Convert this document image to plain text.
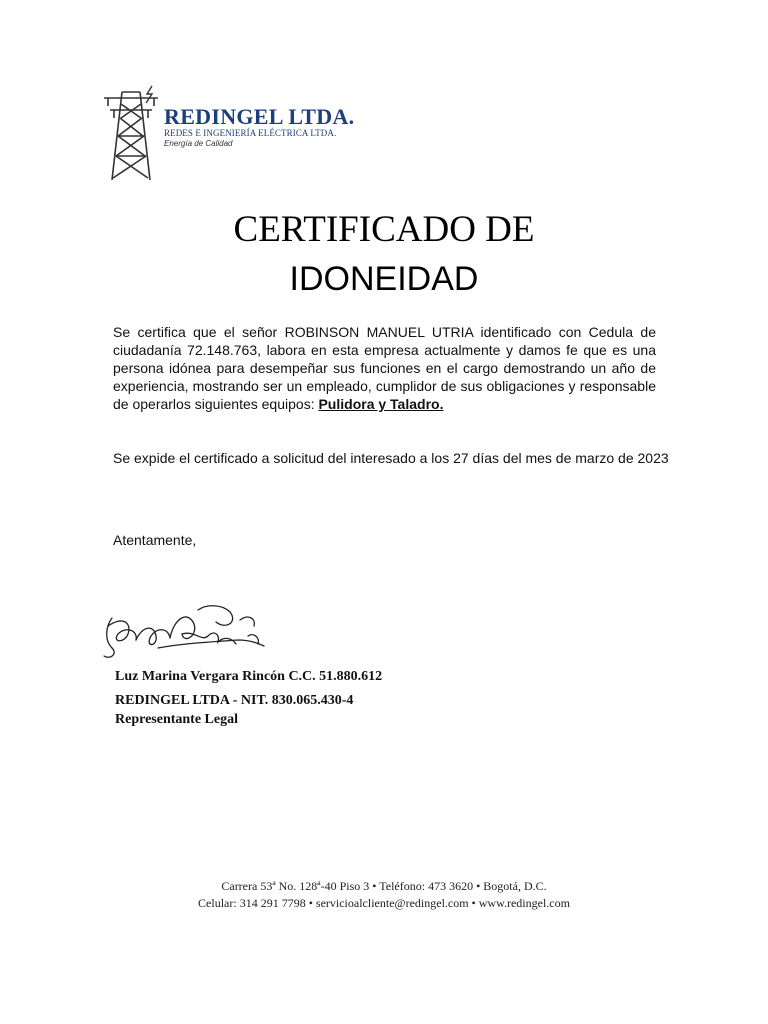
REDINGEL LTDA.
REDES E INGENIERÍA ELÉCTRICA LTDA.
Energía de Calidad
CERTIFICADO DE
IDONEIDAD
Se certifica que el señor ROBINSON MANUEL UTRIA identificado con Cedula de ciudadanía 72.148.763, labora en esta empresa actualmente y damos fe que es una persona idónea para desempeñar sus funciones en el cargo demostrando un año de experiencia, mostrando ser un empleado, cumplidor de sus obligaciones y responsable de operarlos siguientes equipos: Pulidora y Taladro.
Se expide el certificado a solicitud del interesado a los 27 días del mes de marzo de 2023
Atentamente,
Luz Marina Vergara Rincón C.C. 51.880.612
REDINGEL LTDA - NIT. 830.065.430-4
Representante Legal
Carrera 53ª No. 128ª-40 Piso 3 • Teléfono: 473 3620 • Bogotá, D.C.
Celular: 314 291 7798 • servicioalcliente@redingel.com • www.redingel.com
